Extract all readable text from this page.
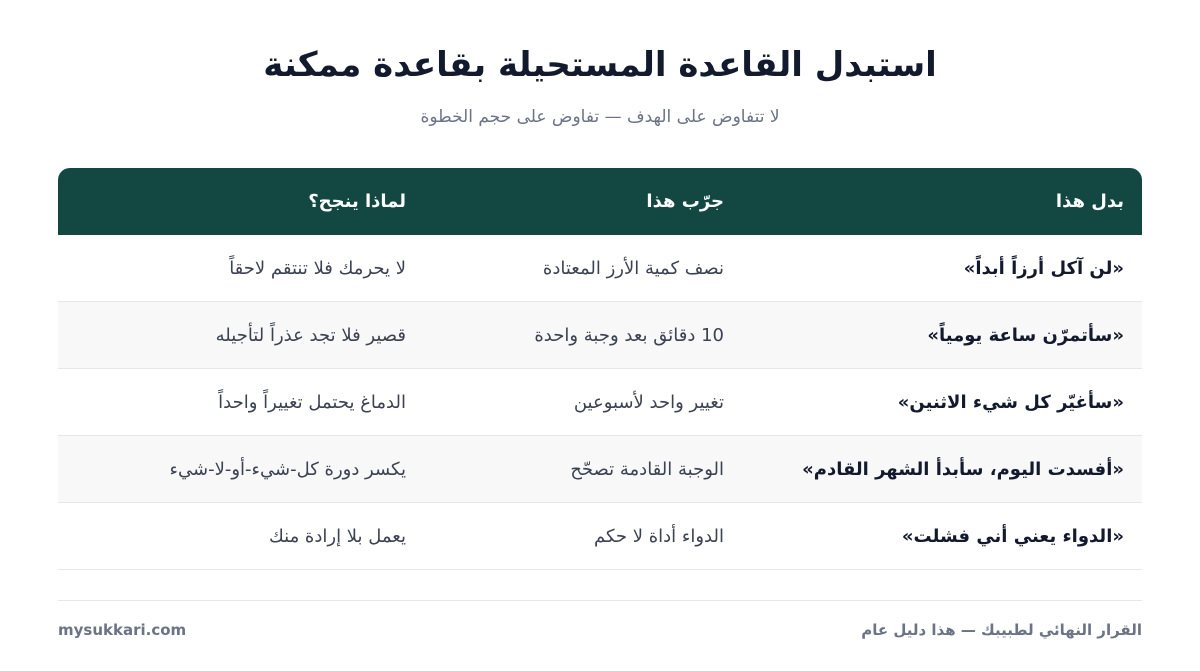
استبدل القاعدة المستحيلة بقاعدة ممكنة

لا تتفاوض على الهدف — تفاوض على حجم الخطوة

بدل هذا
جرّب هذا
لماذا ينجح؟
«لن آكل أرزاً أبداً»
نصف كمية الأرز المعتادة
لا يحرمك فلا تنتقم لاحقاً
«سأتمرّن ساعة يومياً»
10 دقائق بعد وجبة واحدة
قصير فلا تجد عذراً لتأجيله
«سأغيّر كل شيء الاثنين»
تغيير واحد لأسبوعين
الدماغ يحتمل تغييراً واحداً
«أفسدت اليوم، سأبدأ الشهر القادم»
الوجبة القادمة تصحّح
يكسر دورة كل-شيء-أو-لا-شيء
«الدواء يعني أني فشلت»
الدواء أداة لا حكم
يعمل بلا إرادة منك
القرار النهائي لطبيبك — هذا دليل عام
mysukkari.com
